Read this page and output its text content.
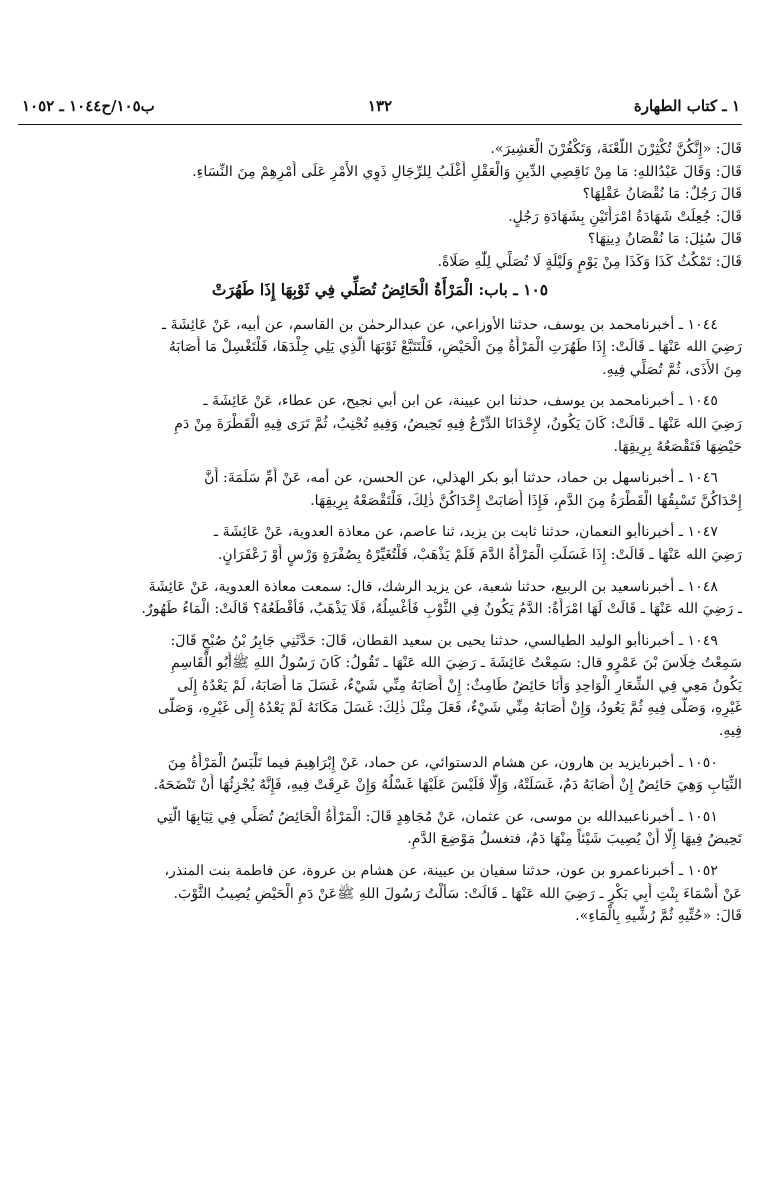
١ ـ كتاب الطهارة
١٣٢
ب١٠٥/ح١٠٤٤ ـ ١٠٥٢
قَالَ: «إِنَّكُنَّ تُكْثِرْنَ اللَّعْنَةَ، وَتَكْفُرْنَ الْعَشِيرَ».
قَالَ: وَقَالَ عَبْدُاللهِ: مَا مِنْ نَاقِصِي الدِّينِ وَالْعَقْلِ أَغْلَبُ لِلرِّجَالِ ذَوِي الأَمْرِ عَلَى أَمْرِهِمْ مِنَ النِّسَاءِ.
قَالَ رَجُلٌ: مَا نُقْصَانُ عَقْلِهَا؟
قَالَ: جُعِلَتْ شَهَادَةُ امْرَأَتَيْنِ بِشَهَادَةِ رَجُلٍ.
قَالَ سُئِلَ: مَا نُقْصَانُ دِينِهَا؟
قَالَ: تَمْكُثُ كَذَا وَكَذَا مِنْ يَوْمٍ وَلَيْلَةٍ لَا تُصَلِّي لِلّٰهِ صَلَاةً.
١٠٥ ـ باب: الْمَرْأَةُ الْحَائِضُ تُصَلِّي فِي ثَوْبِهَا إِذَا طَهُرَتْ
١٠٤٤ ـ أخبرنامحمد بن يوسف، حدثنا الأوزاعي، عن عبدالرحمٰن بن القاسم، عن أبيه، عَنْ عَائِشَةَ ـ
رَضِيَ الله عَنْهَا ـ قَالَتْ: إِذَا طَهُرَتِ الْمَرْأَةُ مِنَ الْحَيْضِ، فَلْتَتَبَّعْ ثَوْبَهَا الَّذِي يَلِي جِلْدَهَا، فَلْتَغْسِلْ مَا أَصَابَهُ
مِنَ الأَذَى، ثُمَّ تُصَلِّي فِيهِ.
١٠٤٥ ـ أخبرنامحمد بن يوسف، حدثنا ابن عيينة، عن ابن أبي نجيح، عن عطاء، عَنْ عَائِشَةَ ـ
رَضِيَ الله عَنْهَا ـ قَالَتْ: كَانَ يَكُونُ، لإِحْدَانَا الدِّرْعُ فِيهِ تَحِيضُ، وَفِيهِ تُجْنِبُ، ثُمَّ تَرَى فِيهِ الْقَطْرَةَ مِنْ دَمِ
حَيْضِهَا فَتَقْصَعُهُ بِرِيقِهَا.
١٠٤٦ ـ أخبرناسهل بن حماد، حدثنا أبو بكر الهذلي، عن الحسن، عن أمه، عَنْ أُمِّ سَلَمَةَ: أَنَّ
إِحْدَاكُنَّ تَسْبِقُهَا الْقَطْرَةُ مِنَ الدَّمِ، فَإِذَا أَصَابَتْ إِحْدَاكُنَّ ذٰلِكَ، فَلْتَقْصَعْهُ بِرِيقِهَا.
١٠٤٧ ـ أخبرناأبو النعمان، حدثنا ثابت بن يزيد، ثنا عاصم، عن معاذة العدوية، عَنْ عَائِشَةَ ـ
رَضِيَ الله عَنْهَا ـ قَالَتْ: إِذَا غَسَلَتِ الْمَرْأَةُ الدَّمَ فَلَمْ يَذْهَبْ، فَلْتُغَيِّرْهُ بِصُفْرَةٍ وَرْسٍ أَوْ زَعْفَرَانٍ.
١٠٤٨ ـ أخبرناسعيد بن الربيع، حدثنا شعبة، عن يزيد الرشك، قال: سمعت معاذة العدوية، عَنْ عَائِشَةَ
ـ رَضِيَ الله عَنْهَا ـ قَالَتْ لَهَا امْرَأَةٌ: الدَّمُ يَكُونُ فِي الثَّوْبِ فَأَغْسِلُهُ، فَلَا يَذْهَبُ، فَأَقْطَعُهُ؟ قَالَتْ: الْمَاءُ طَهُورٌ.
١٠٤٩ ـ أخبرناأبو الوليد الطيالسي، حدثنا يحيى بن سعيد القطان، قَالَ: حَدَّثَنِي جَابِرُ بْنُ صُبْحٍ قَالَ:
سَمِعْتُ خِلَاسَ بْنَ عَمْرٍو قال: سَمِعْتُ عَائِشَةَ ـ رَضِيَ الله عَنْهَا ـ تَقُولُ: كَانَ رَسُولُ اللهِ ﷺأَبُو الْقَاسِمِ
يَكُونُ مَعِي فِي الشِّعَارِ الْوَاحِدِ وَأَنَا حَائِضٌ طَامِثٌ: إِنْ أَصَابَهُ مِنِّي شَيْءٌ، غَسَلَ مَا أَصَابَهُ، لَمْ يَعْدُهُ إِلَى
غَيْرِهِ، وَصَلَّى فِيهِ ثُمَّ يَعُودُ، وَإِنْ أَصَابَهُ مِنِّي شَيْءٌ، فَعَلَ مِثْلَ ذٰلِكَ: غَسَلَ مَكَانَهُ لَمْ يَعْدُهُ إِلَى غَيْرِهِ، وَصَلَّى
فِيهِ.
١٠٥٠ ـ أخبرنايزيد بن هارون، عن هشام الدستوائي، عن حماد، عَنْ إِبْرَاهِيمَ فيما تَلْبَسُ الْمَرْأَةُ مِنَ
الثِّيَابِ وَهِيَ حَائِضٌ إِنْ أَصَابَهُ دَمٌ، غَسَلَتْهُ، وَإِلَّا فَلَيْسَ عَلَيْهَا غَسْلُهُ وَإِنْ عَرِقَتْ فِيهِ، فَإِنَّهُ يُجْزِئُهَا أَنْ تَنْضَحَهُ.
١٠٥١ ـ أخبرناعبيدالله بن موسى، عن عثمان، عَنْ مُجَاهِدٍ قَالَ: الْمَرْأَةُ الْحَائِضُ تُصَلِّي فِي ثِيَابِهَا الَّتِي
تَحِيضُ فِيهَا إِلَّا أَنْ يُصِيبَ شَيْئاً مِنْهَا دَمٌ، فتغسلُ مَوْضِعَ الدَّمِ.
١٠٥٢ ـ أخبرناعمرو بن عون، حدثنا سفيان بن عيينة، عن هشام بن عروة، عن فاطمة بنت المنذر،
عَنْ أَسْمَاءَ بِنْتِ أَبِي بَكْرٍ ـ رَضِيَ الله عَنْهَا ـ قَالَتْ: سَأَلْتُ رَسُولَ اللهِ ﷺعَنْ دَمِ الْحَيْضِ يُصِيبُ الثَّوْبَ.
قَالَ: «حُتِّيهِ ثُمَّ رُشِّيهِ بِالْمَاءِ».
